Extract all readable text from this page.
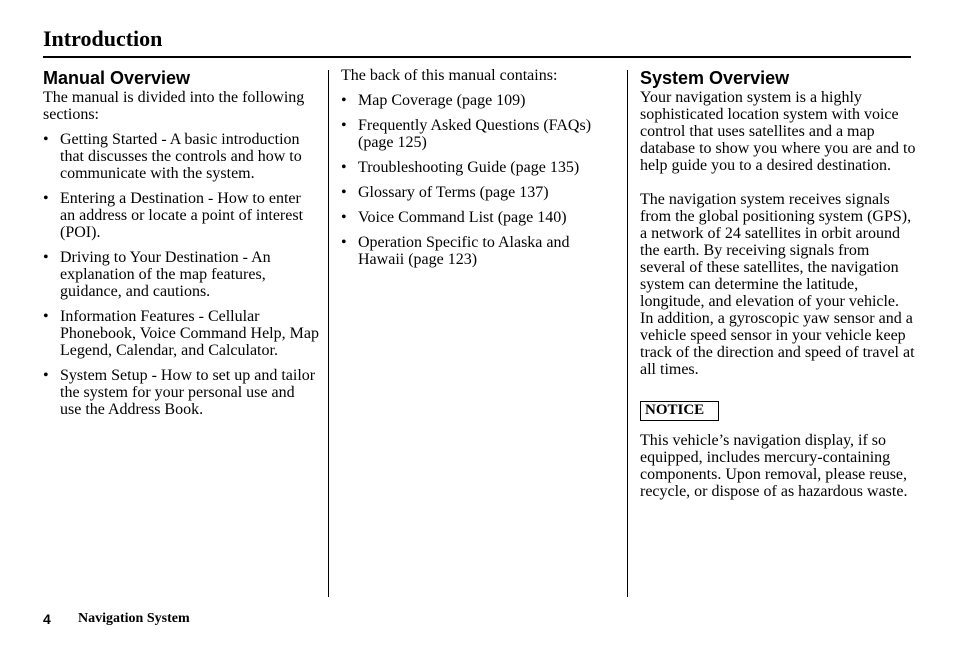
Introduction
Manual Overview

The manual is divided into the following sections:

• Getting Started - A basic introduction that discusses the controls and how to communicate with the system.
• Entering a Destination - How to enter an address or locate a point of interest (POI).
• Driving to Your Destination - An explanation of the map features, guidance, and cautions.
• Information Features - Cellular Phonebook, Voice Command Help, Map Legend, Calendar, and Calculator.
• System Setup - How to set up and tailor the system for your personal use and use the Address Book.

The back of this manual contains:

• Map Coverage (page 109)
• Frequently Asked Questions (FAQs) (page 125)
• Troubleshooting Guide (page 135)
• Glossary of Terms (page 137)
• Voice Command List (page 140)
• Operation Specific to Alaska and Hawaii (page 123)
System Overview

Your navigation system is a highly sophisticated location system with voice control that uses satellites and a map database to show you where you are and to help guide you to a desired destination.

The navigation system receives signals from the global positioning system (GPS), a network of 24 satellites in orbit around the earth. By receiving signals from several of these satellites, the navigation system can determine the latitude, longitude, and elevation of your vehicle. In addition, a gyroscopic yaw sensor and a vehicle speed sensor in your vehicle keep track of the direction and speed of travel at all times.

NOTICE

This vehicle’s navigation display, if so equipped, includes mercury-containing components. Upon removal, please reuse, recycle, or dispose of as hazardous waste.

4 Navigation System
